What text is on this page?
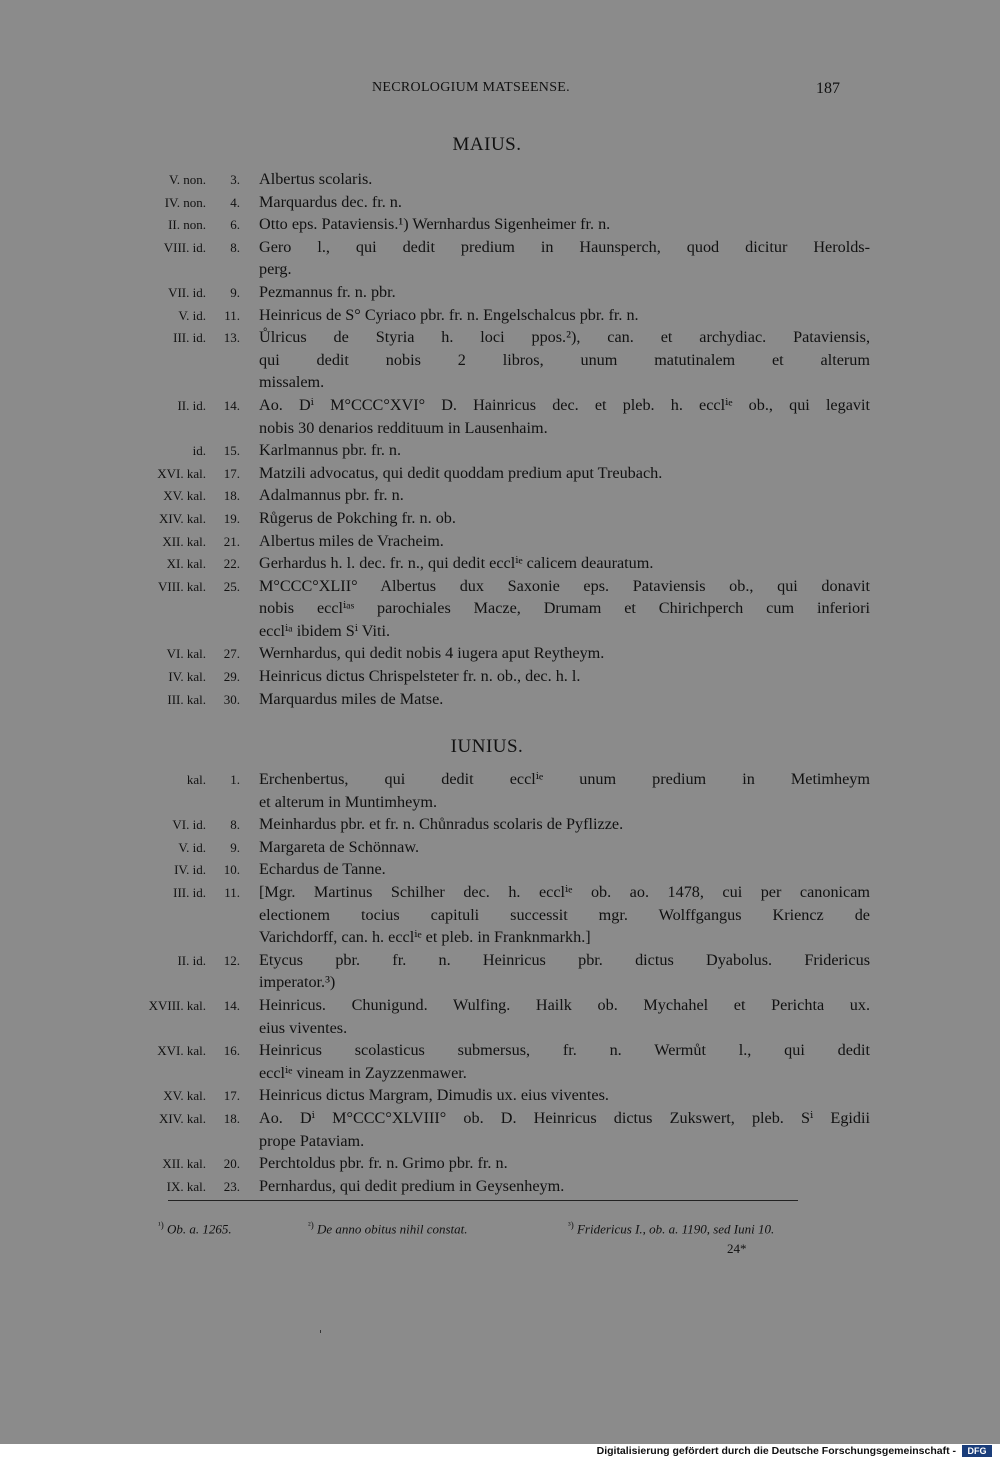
NECROLOGIUM MATSEENSE.	187
MAIUS.
V. non.	3. Albertus scolaris.
IV. non.	4. Marquardus dec. fr. n.
II. non.	6. Otto eps. Pataviensis.¹) Wernhardus Sigenheimer fr. n.
VIII. id.	8. Gero l., qui dedit predium in Haunsperch, quod dicitur Herolds-
perg.
VII. id.	9. Pezmannus fr. n. pbr.
V. id.	11. Heinricus de S° Cyriaco pbr. fr. n. Engelschalcus pbr. fr. n.
III. id.	13. Ůlricus de Styria h. loci ppos.²), can. et archydiac. Pataviensis,
qui dedit nobis 2 libros, unum matutinalem et alterum
missalem.
II. id.	14. Ao. Dⁱ M°CCC°XVI° D. Hainricus dec. et pleb. h. ecclⁱᵉ ob., qui legavit
nobis 30 denarios reddituum in Lausenhaim.
id.	15. Karlmannus pbr. fr. n.
XVI. kal.	17. Matzili advocatus, qui dedit quoddam predium aput Treubach.
XV. kal.	18. Adalmannus pbr. fr. n.
XIV. kal.	19. Růgerus de Pokching fr. n. ob.
XII. kal.	21. Albertus miles de Vracheim.
XI. kal.	22. Gerhardus h. l. dec. fr. n., qui dedit ecclⁱᵉ calicem deauratum.
VIII. kal.	25. M°CCC°XLII° Albertus dux Saxonie eps. Pataviensis ob., qui donavit
nobis ecclⁱᵃˢ parochiales Macze, Drumam et Chirichperch cum inferiori
ecclⁱᵃ ibidem Sⁱ Viti.
VI. kal.	27. Wernhardus, qui dedit nobis 4 iugera aput Reytheym.
IV. kal.	29. Heinricus dictus Chrispelsteter fr. n. ob., dec. h. l.
III. kal.	30. Marquardus miles de Matse.
IUNIUS.
kal.	1. Erchenbertus, qui dedit ecclⁱᵉ unum predium in Metimheym
et alterum in Muntimheym.
VI. id.	8. Meinhardus pbr. et fr. n. Chůnradus scolaris de Pyflizze.
V. id.	9. Margareta de Schönnaw.
IV. id.	10. Echardus de Tanne.
III. id.	11. [Mgr. Martinus Schilher dec. h. ecclⁱᵉ ob. ao. 1478, cui per canonicam
electionem tocius capituli successit mgr. Wolffgangus Kriencz de
Varichdorff, can. h. ecclⁱᵉ et pleb. in Franknmarkh.]
II. id.	12. Etycus pbr. fr. n. Heinricus pbr. dictus Dyabolus. Fridericus
imperator.³)
XVIII. kal.	14. Heinricus. Chunigund. Wulfing. Hailk ob. Mychahel et Perichta ux.
eius viventes.
XVI. kal.	16. Heinricus scolasticus submersus, fr. n. Wermůt l., qui dedit
ecclⁱᵉ vineam in Zayzzenmawer.
XV. kal.	17. Heinricus dictus Margram, Dimudis ux. eius viventes.
XIV. kal.	18. Ao. Dⁱ M°CCC°XLVIII° ob. D. Heinricus dictus Zukswert, pleb. Sⁱ Egidii
prope Pataviam.
XII. kal.	20. Perchtoldus pbr. fr. n. Grimo pbr. fr. n.
IX. kal.	23. Pernhardus, qui dedit predium in Geysenheym.
$^{^1)}$ Ob. a. 1265.	$^{^2)}$ De anno obitus nihil constat.	$^{^3)}$ Fridericus I., ob. a. 1190, sed Iuni 10.
24*
Digitalisierung gefördert durch die Deutsche Forschungsgemeinschaft -	DFG
